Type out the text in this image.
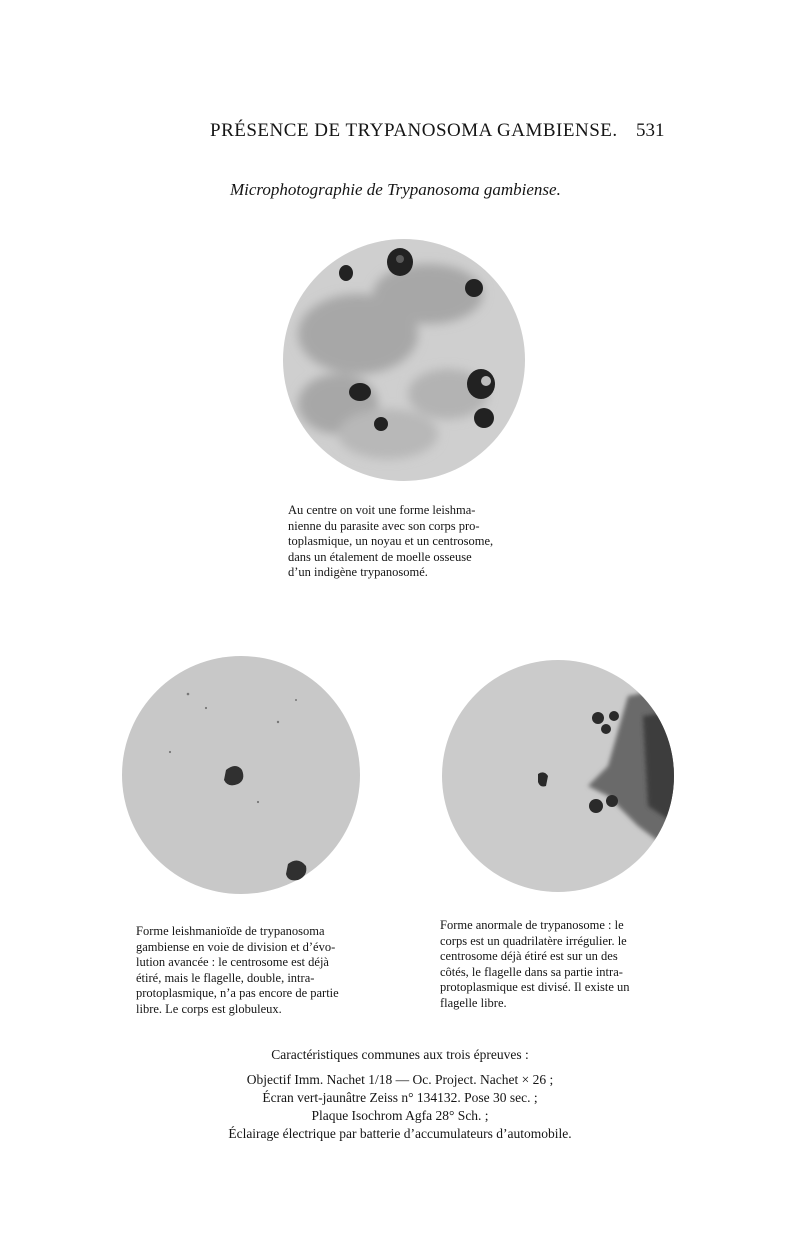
PRÉSENCE DE TRYPANOSOMA GAMBIENSE. 531
Microphotographie de Trypanosoma gambiense.
Au centre on voit une forme leishma-
nienne du parasite avec son corps pro-
toplasmique, un noyau et un centrosome,
dans un étalement de moelle osseuse
d’un indigène trypanosomé.
Forme leishmanioïde de trypanosoma
gambiense en voie de division et d’évo-
lution avancée : le centrosome est déjà
étiré, mais le flagelle, double, intra-
protoplasmique, n’a pas encore de partie
libre. Le corps est globuleux.
Forme anormale de trypanosome : le
corps est un quadrilatère irrégulier. le
centrosome déjà étiré est sur un des
côtés, le flagelle dans sa partie intra-
protoplasmique est divisé. Il existe un
flagelle libre.
Caractéristiques communes aux trois épreuves :
Objectif Imm. Nachet 1/18 — Oc. Project. Nachet × 26 ;
Écran vert-jaunâtre Zeiss n° 134132. Pose 30 sec. ;
Plaque Isochrom Agfa 28° Sch. ;
Éclairage électrique par batterie d’accumulateurs d’automobile.
